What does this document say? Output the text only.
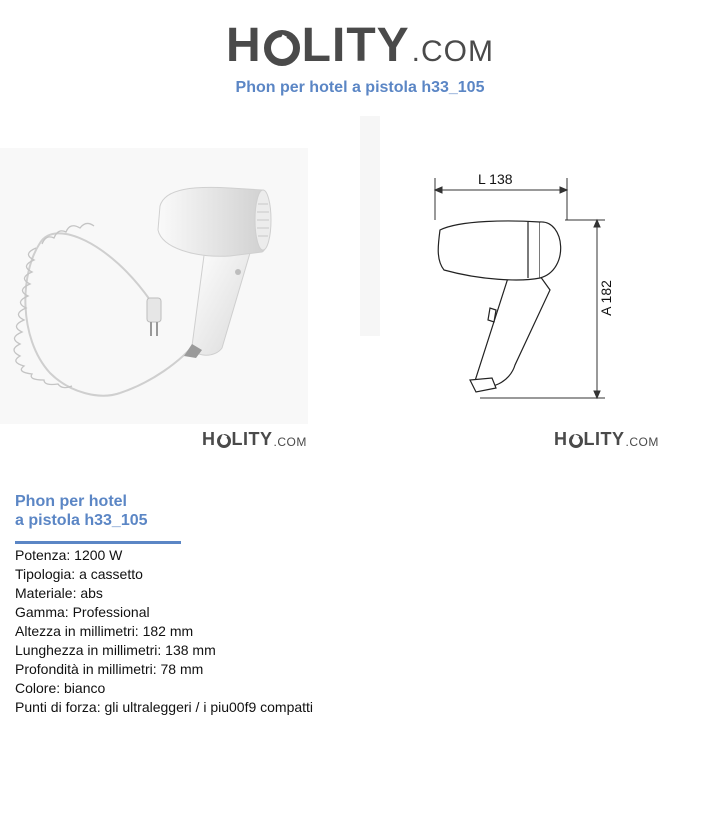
H LITY .COM
Phon per hotel a pistola h33_105
L 138
A 182
H LITY .COM	H LITY .COM
Phon per hotel
a pistola h33_105
Potenza: 1200 W
Tipologia: a cassetto
Materiale: abs
Gamma: Professional
Altezza in millimetri: 182 mm
Lunghezza in millimetri: 138 mm
Profondità in millimetri: 78 mm
Colore: bianco
Punti di forza: gli ultraleggeri / i piu00f9 compatti
